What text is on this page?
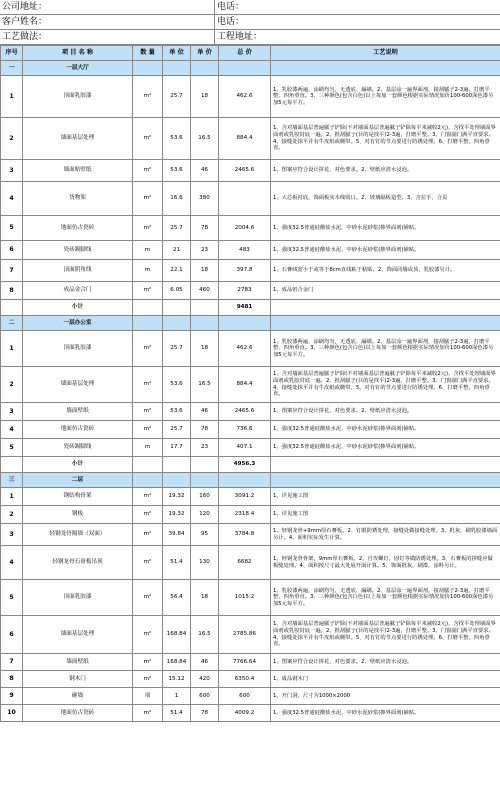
公司地址：	电话：
客户姓名：	电话：
工艺做法：	工程地址：
序号	项 目 名 称	数 量	单 位	单 价	总 价	工艺说明
一	一层大厅					
1	顶面乳胶漆	m²	25.7	18	462.6	1、乳胶漆两遍，涂刷均匀，无透底、漏刷。2、基层涂一遍界面剂，接刮腻子2-3遍，打磨平整，四角垂直。3、三种颜色(包含白色)以上每加一套颜色根据实际情况加价100-600深色漆另加5元每平方。
2	墙面基层处理	m²	53.6	16.5	884.4	1、含对墙面基层普遍腻子铲除(不对墙面基层普遍腻子铲除每平米减收2元)，含找平处理墙面界面剂或乳胶封底一遍。2、批刮腻子(目的是找平)2-3遍，打磨平整。3、门窗副门满平直要求。4、接缝处抹平并有牛皮纸或绷带。5、对有钉的节点要进行防锈处理。6、打磨平整，四角垂直。
3	墙面贴壁纸	m²	53.6	46	2465.6	1、图案应符合设计拼花，对色要求。2、壁纸应清水浸泡。
4	货物架	m²	16.6	380		1、大芯板衬底，饰面板实木线收口。2、玻璃隔板造型。3、含拉手、合页
5	地面仿古瓷砖	m²	25.7	78	2004.6	1、强度32.5普通硅酸盐水泥、中砂水泥砂浆(掺界面剂)铺贴。
6	瓷砖踢脚线	m	21	23	483	1、强度32.5普通硅酸盐水泥、中砂水泥砂浆(掺界面剂)铺贴。
7	顶面阴角线	m	22.1	18	397.8	1、石膏线宽小于或等于8cm直线粘于粘贴。2、饰面同墙或顶，乳胶漆另计。
8	成品金合门	m²	6.05	460	2783	1、成品铝合金门
	小计				9481	
二	一层办公室					
1	顶面乳胶漆	m²	25.7	18	462.6	1、乳胶漆两遍，涂刷均匀，无透底、漏刷。2、基层涂一遍界面剂，接刮腻子2-3遍，打磨平整，四角垂直。3、三种颜色(包含白色)以上每加一套颜色根据实际情况加价100-600深色漆另加5元每平方。
2	墙面基层处理	m²	53.6	16.5	884.4	1、含对墙面基层普遍腻子铲除(不对墙面基层普遍腻子铲除每平米减收2元)，含找平处理墙面界面剂或乳胶封底一遍。2、批刮腻子(目的是找平)2-3遍，打磨平整。3、门窗副门满平直要求。4、接缝处抹平并有牛皮纸或绷带。5、对有钉的节点要进行防锈处理。6、打磨平整，四角垂直。
3	墙面壁纸	m²	53.6	46	2465.6	1、图案应符合设计拼花，对色要求。2、壁纸应清水浸泡。
4	地面仿古瓷砖	m²	25.7	78	736.6	1、强度32.5普通硅酸盐水泥、中砂水泥砂浆(掺界面剂)铺贴。
5	瓷砖踢脚线	m	17.7	23	407.1	1、强度32.5普通硅酸盐水泥、中砂水泥砂浆(掺界面剂)铺贴。
	小计				4956.3	
三	二层					
1	钢结构骨架	m²	19.32	160	3091.2	1、详见施工图
2	钢板	m²	19.32	120	2318.4	1、详见施工图
3	轻钢龙骨隔墙（双面）	m²	39.84	95	3784.8	1、轻钢龙骨+9mm厚石膏板。2、钉眼防锈处理，接缝处做接缝处理。3、批灰，刷乳胶漆墙面另计。4、面积实际发生计算。
4	轻钢龙骨石膏板吊顶	m²	51.4	130	6682	1、轻钢龙骨骨架，9mm厚石膏板。2、自攻螺钉，固钉等做防锈处理。3、石膏板的拼缝应做板缝处理。4、面积按尺寸最大处展开面计算。5、饰面批灰，刷漆，涂料另计。
5	顶面乳胶漆	m²	56.4	18	1015.2	1、乳胶漆两遍，涂刷均匀，无透底、漏刷。2、基层涂一遍界面剂，接刮腻子2-3遍，打磨平整，四角垂直。3、三种颜色(包含白色)以上每加一套颜色根据实际情况加价100-600深色漆另加5元每平方。
6	墙面基层处理	m²	168.84	16.5	2785.86	1、含对墙面基层普遍腻子铲除(不对墙面基层普遍腻子铲除每平米减收2元)，含找平处理墙面界面剂或乳胶封底一遍。2、批刮腻子(目的是找平)2-3遍，打磨平整。3、门窗副门满平直要求。4、接缝处抹平并有牛皮纸或绷带。5、对有钉的节点要进行防锈处理。6、打磨平整，四角垂直。
7	墙面壁纸	m²	168.84	46	7766.64	1、图案应符合设计拼花，对色要求。2、壁纸应清水浸泡。
8	钢木门	m²	15.12	420	6350.4	1、成品钢木门
9	砸墙	项	1	600	600	1、开门洞，尺寸为1000×2000
10	地面仿古瓷砖	m²	51.4	78	4009.2	1、强度32.5普通硅酸盐水泥、中砂水泥砂浆(掺界面剂)铺贴。
